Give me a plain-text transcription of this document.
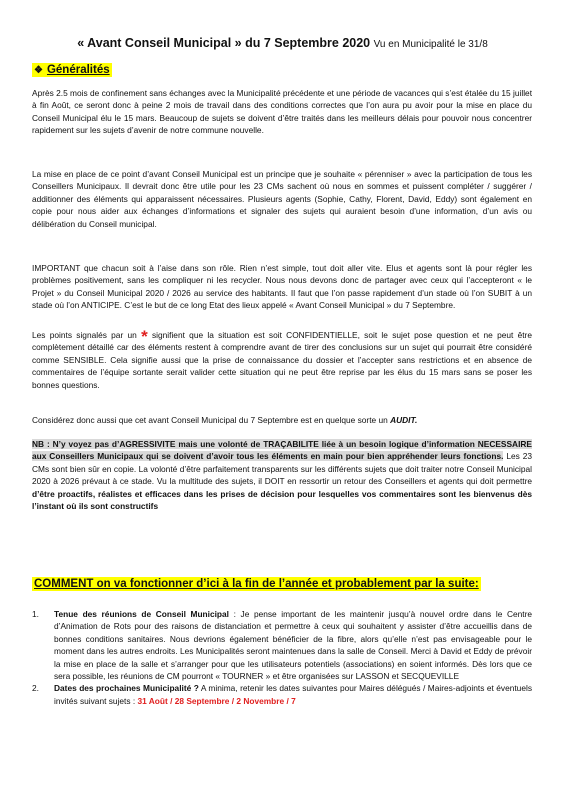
« Avant Conseil Municipal » du 7 Septembre 2020 Vu en Municipalité le 31/8
❖ Généralités

Après 2.5 mois de confinement sans échanges avec la Municipalité précédente et une période de vacances qui s’est étalée du 15 juillet à fin Août, ce seront donc à peine 2 mois de travail dans des conditions correctes que l’on aura pu avoir pour la mise en place du Conseil Municipal élu le 15 mars. Beaucoup de sujets se doivent d’être traités dans les meilleurs délais pour pouvoir nous concentrer rapidement sur les sujets d’avenir de notre commune nouvelle.

La mise en place de ce point d’avant Conseil Municipal est un principe que je souhaite « pérenniser » avec la participation de tous les Conseillers Municipaux. Il devrait donc être utile pour les 23 CMs sachent où nous en sommes et puissent compléter / suggérer / additionner des éléments qui apparaissent nécessaires. Plusieurs agents (Sophie, Cathy, Florent, David, Eddy) sont également en copie pour nous aider aux échanges d’informations et signaler des sujets qui auraient besoin d’une information, d’un avis ou délibération du Conseil municipal.

IMPORTANT que chacun soit à l’aise dans son rôle. Rien n’est simple, tout doit aller vite. Elus et agents sont là pour régler les problèmes positivement, sans les compliquer ni les recycler. Nous nous devons donc de partager avec ceux qui l’accepteront « le Projet » du Conseil Municipal 2020 / 2026 au service des habitants. Il faut que l’on passe rapidement d’un stade où l’on SUBIT à un stade où l’on ANTICIPE. C’est le but de ce long Etat des lieux appelé « Avant Conseil Municipal » du 7 Septembre.

Les points signalés par un * signifient que la situation est soit CONFIDENTIELLE, soit le sujet pose question et ne peut être complètement détaillé car des éléments restent à comprendre avant de tirer des conclusions sur un sujet qui pourrait être considéré comme SENSIBLE. Cela signifie aussi que la prise de connaissance du dossier et l’accepter sans restrictions et en absence de commentaires de l’équipe sortante serait valider cette situation qui ne peut être reprise par les élus du 15 mars sans se poser les bonnes questions.

Considérez donc aussi que cet avant Conseil Municipal du 7 Septembre est en quelque sorte un AUDIT.

NB : N’y voyez pas d’AGRESSIVITE mais une volonté de TRAÇABILITE liée à un besoin logique d’information NECESSAIRE aux Conseillers Municipaux qui se doivent d’avoir tous les éléments en main pour bien appréhender leurs fonctions. Les 23 CMs sont bien sûr en copie. La volonté d’être parfaitement transparents sur les différents sujets que doit traiter notre Conseil Municipal 2020 à 2026 prévaut à ce stade. Vu la multitude des sujets, il DOIT en ressortir un retour des Conseillers et agents qui doit permettre d’être proactifs, réalistes et efficaces dans les prises de décision pour lesquelles vos commentaires sont les bienvenus dès l’instant où ils sont constructifs

COMMENT on va fonctionner d’ici à la fin de l’année et probablement par la suite:
1. Tenue des réunions de Conseil Municipal : Je pense important de les maintenir jusqu’à nouvel ordre dans le Centre d’Animation de Rots pour des raisons de distanciation et permettre à ceux qui souhaitent y assister d’être accueillis dans de bonnes conditions sanitaires. Nous devrions également bénéficier de la fibre, alors qu’elle n’est pas envisageable pour le moment dans les autres endroits. Les Municipalités seront maintenues dans la salle de Conseil. Merci à David et Eddy de prévoir la mise en place de la salle et s’arranger pour que les utilisateurs potentiels (associations) en soient informés. Dès lors que ce sera possible, les réunions de CM pourront « TOURNER » et être organisées sur LASSON et SECQUEVILLE
2. Dates des prochaines Municipalité ? A minima, retenir les dates suivantes pour Maires délégués / Maires-adjoints et éventuels invités suivant sujets : 31 Août / 28 Septembre / 2 Novembre / 7
